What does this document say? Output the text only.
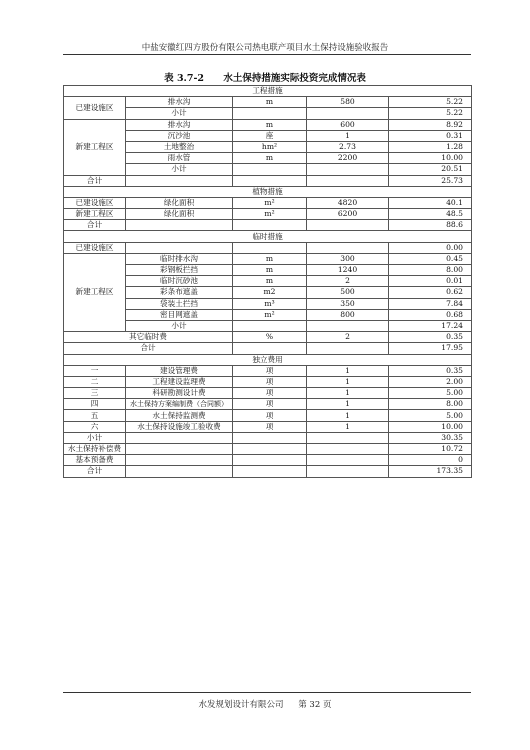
中盐安徽红四方股份有限公司热电联产项目水土保持设施验收报告
表 3.7-2 水土保持措施实际投资完成情况表
工程措施				
已建设施区	排水沟	m	580	5.22
	小计			5.22
新建工程区	排水沟	m	600	8.92
	沉沙池	座	1	0.31
	土地整治	hm²	2.73	1.28
	雨水管	m	2200	10.00
	小计			20.51
合计				25.73
植物措施				
已建设施区	绿化面积	m²	4820	40.1
新建工程区	绿化面积	m²	6200	48.5
合计				88.6
临时措施				
已建设施区				0.00
新建工程区	临时排水沟	m	300	0.45
	彩钢板拦挡	m	1240	8.00
	临时沉砂池	m	2	0.01
	彩条布遮盖	m2	500	0.62
	袋装土拦挡	m³	350	7.84
	密目网遮盖	m²	800	0.68
	小计			17.24
其它临时费		%	2	0.35
合计				17.95
独立费用				
一	建设管理费	项	1	0.35
二	工程建设监理费	项	1	2.00
三	科研勘测设计费	项	1	5.00
四	水土保持方案编制费（合同额）	项	1	8.00
五	水土保持监测费	项	1	5.00
六	水土保持设施竣工验收费	项	1	10.00
小计				30.35
水土保持补偿费				10.72
基本预备费				0
合计				173.35
水发规划设计有限公司 第 32 页
